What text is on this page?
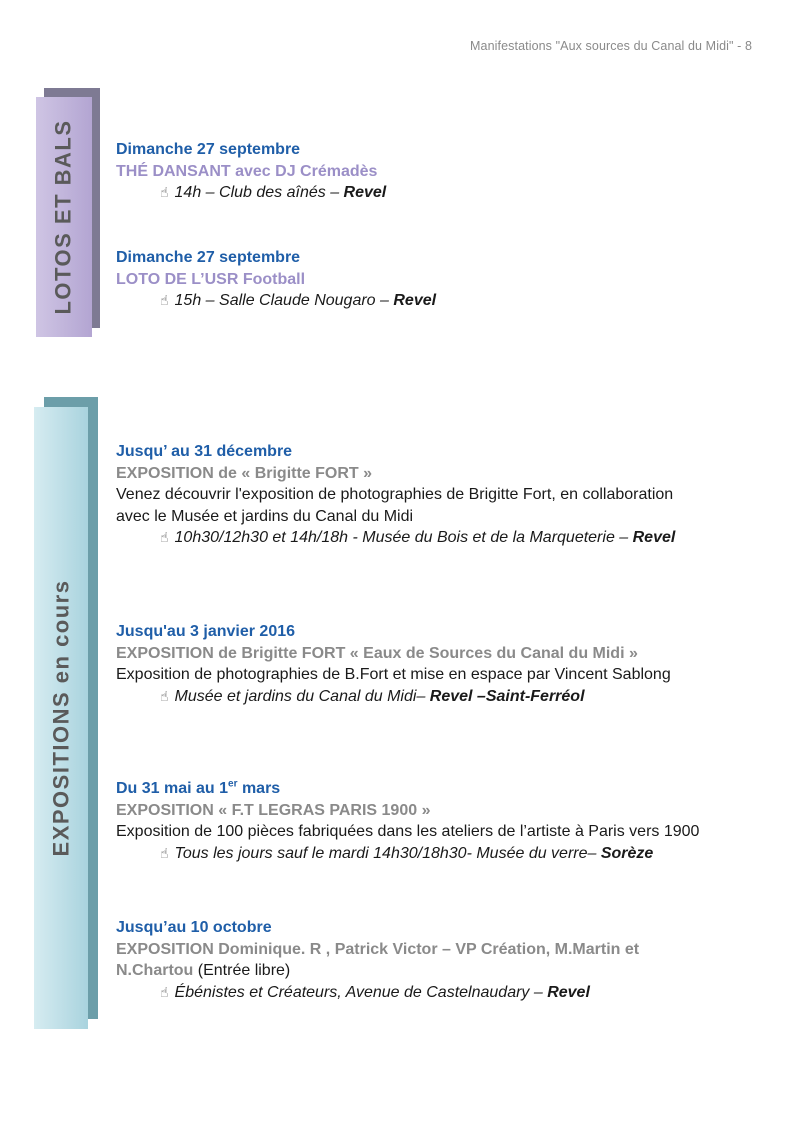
Manifestations "Aux sources du Canal du Midi" - 8
LOTOS ET BALS
EXPOSITIONS en cours
Dimanche 27 septembre
THÉ DANSANT avec DJ Crémadès
☝ 14h – Club des aînés – Revel
Dimanche 27 septembre
LOTO DE L’USR Football
☝ 15h – Salle Claude Nougaro – Revel
Jusqu’ au 31 décembre
EXPOSITION de « Brigitte FORT »
Venez découvrir l'exposition de photographies de Brigitte Fort, en collaboration
avec le Musée et jardins du Canal du Midi
☝ 10h30/12h30 et 14h/18h - Musée du Bois et de la Marqueterie – Revel
Jusqu'au 3 janvier 2016
EXPOSITION de Brigitte FORT « Eaux de Sources du Canal du Midi »
Exposition de photographies de B.Fort et mise en espace par Vincent Sablong
☝ Musée et jardins du Canal du Midi– Revel –Saint-Ferréol
Du 31 mai au 1er mars
EXPOSITION « F.T LEGRAS PARIS 1900 »
Exposition de 100 pièces fabriquées dans les ateliers de l’artiste à Paris vers 1900
☝ Tous les jours sauf le mardi 14h30/18h30- Musée du verre– Sorèze
Jusqu’au 10 octobre
EXPOSITION Dominique. R , Patrick Victor – VP Création, M.Martin et
N.Chartou (Entrée libre)
☝ Ébénistes et Créateurs, Avenue de Castelnaudary – Revel
